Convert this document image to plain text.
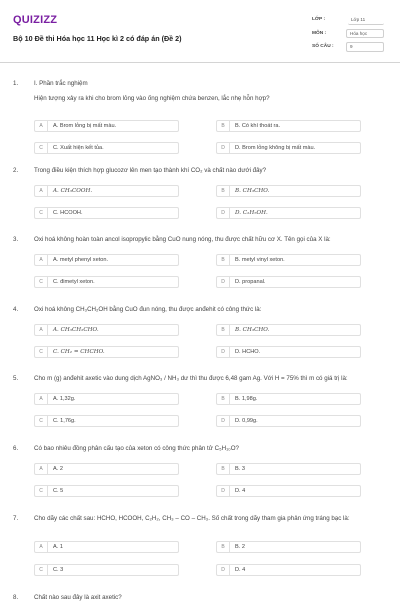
QUIZIZZ
Bộ 10 Đề thi Hóa học 11 Học kì 2 có đáp án (Đề 2)
LỚP :	Lớp 11
MÔN :	Hóa học
SỐ CÂU :	9
1.	I. Phần trắc nghiệm
Hiện tượng xảy ra khi cho brom lỏng vào ống nghiệm chứa benzen, lắc nhẹ hỗn hợp?
A	A. Brom lỏng bị mất màu.	B	B. Có khí thoát ra.
C	C. Xuất hiện kết tủa.	D	D. Brom lỏng không bị mất màu.
2.	Trong điều kiện thích hợp glucozơ lên men tạo thành khí CO₂ và chất nào dưới đây?
A	A. CH₃COOH.	B	B. CH₃CHO.
C	C. HCOOH.	D	D. C₂H₅OH.
3.	Oxi hoá không hoàn toàn ancol isopropylic bằng CuO nung nóng, thu được chất hữu cơ X. Tên gọi của X là:
A	A. metyl phenyl xeton.	B	B. metyl vinyl xeton.
C	C. đimetyl xeton.	D	D. propanal.
4.	Oxi hoá không CH₃CH₂OH bằng CuO đun nóng, thu được anđehit có công thức là:
A	A. CH₃CH₂CHO.	B	B. CH₃CHO.
C	C. CH₂ = CHCHO.	D	D. HCHO.
5.	Cho m (g) anđehit axetic vào dung dịch AgNO₃ / NH₃ dư thì thu được 6,48 gam Ag. Với H = 75% thì m có giá trị là:
A	A. 1,32g.	B	B. 1,98g.
C	C. 1,76g.	D	D. 0,99g.
6.	Có bao nhiêu đồng phân cấu tạo của xeton có công thức phân tử C₅H₁₀O?
A	A. 2	B	B. 3
C	C. 5	D	D. 4
7.	Cho dãy các chất sau: HCHO, HCOOH, C₂H₂, CH₃ – CO – CH₃. Số chất trong dãy tham gia phản ứng tráng bạc là:
A	A. 1	B	B. 2
C	C. 3	D	D. 4
8.	Chất nào sau đây là axit axetic?
